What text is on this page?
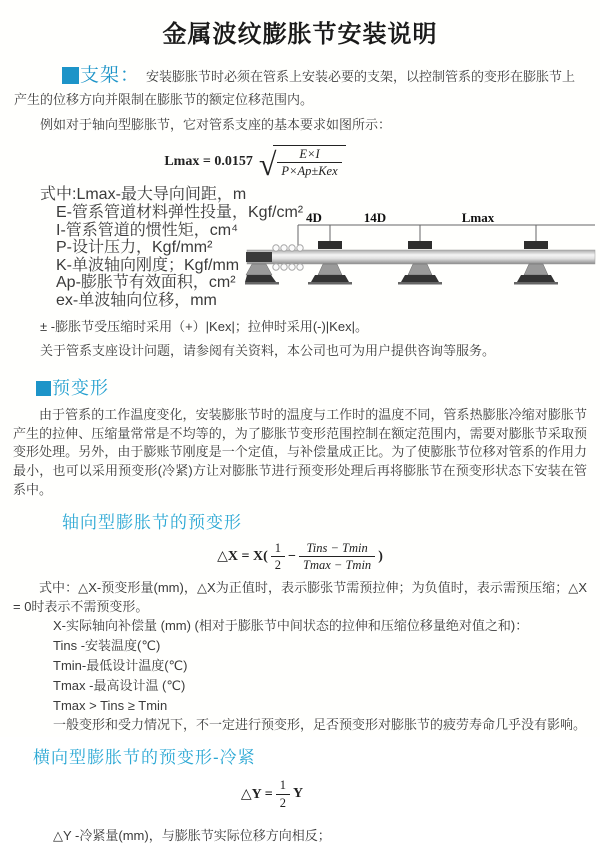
金属波纹膨胀节安装说明

支架： 安装膨胀节时必须在管系上安装必要的支架，以控制管系的变形在膨胀节上产生的位移方向并限制在膨胀节的额定位移范围内。

例如对于轴向型膨胀节，它对管系支座的基本要求如图所示：

Lmax = 0.0157 √ $\frac{E\times I}{\text{P×Ap±Kex}}$
式中:Lmax-最大导向间距，m
E-管系管道材料弹性投量，Kgf/cm²
I-管系管道的惯性矩，cm⁴
P-设计压力，Kgf/mm²
K-单波轴向刚度；Kgf/mm
Ap-膨胀节有效面积，cm²
ex-单波轴向位移，mm
4D	14D	Lmax

± -膨胀节受压缩时采用（+）|Kex|；拉伸时采用(-)|Kex|。

关于管系支座设计问题，请参阅有关资料，本公司也可为用户提供咨询等服务。

预变形

由于管系的工作温度变化，安装膨胀节时的温度与工作时的温度不同，管系热膨胀冷缩对膨胀节产生的拉伸、压缩量常常是不均等的，为了膨胀节变形范围控制在额定范围内，需要对膨胀节采取预变形处理。另外，由于膨账节刚度是一个定值，与补偿量成正比。为了使膨胀节位移对管系的作用力最小，也可以采用预变形(冷紧)方让对膨胀节进行预变形处理后再将膨胀节在预变形状态下安装在管系中。

轴向型膨胀节的预变形
△X = $X( \frac{1}{2} - \frac{\text{Tins − Tmin}}{Tmax - Tmin}$ )

式中：△X-预变形量(mm)，△X为正值时，表示膨张节需预拉伸；为负值时，表示需预压缩；△X = 0时表示不需预变形。

X-实际轴向补偿量 (mm) (相对于膨胀节中间状态的拉伸和压缩位移量绝对值之和)：

Tins -安装温度(℃)

Tmin-最低设计温度(℃)

Tmax -最高设计温 (℃)

Tmax > Tins ≥ Tmin

一般变形和受力情况下，不一定进行预变形，足否预变形对膨胀节的疲劳寿命几乎没有影响。

横向型膨胀节的预变形-冷紧
△Y = $\frac{1}{2}$ Y

△Y -冷紧量(mm)，与膨胀节实际位移方向相反；
